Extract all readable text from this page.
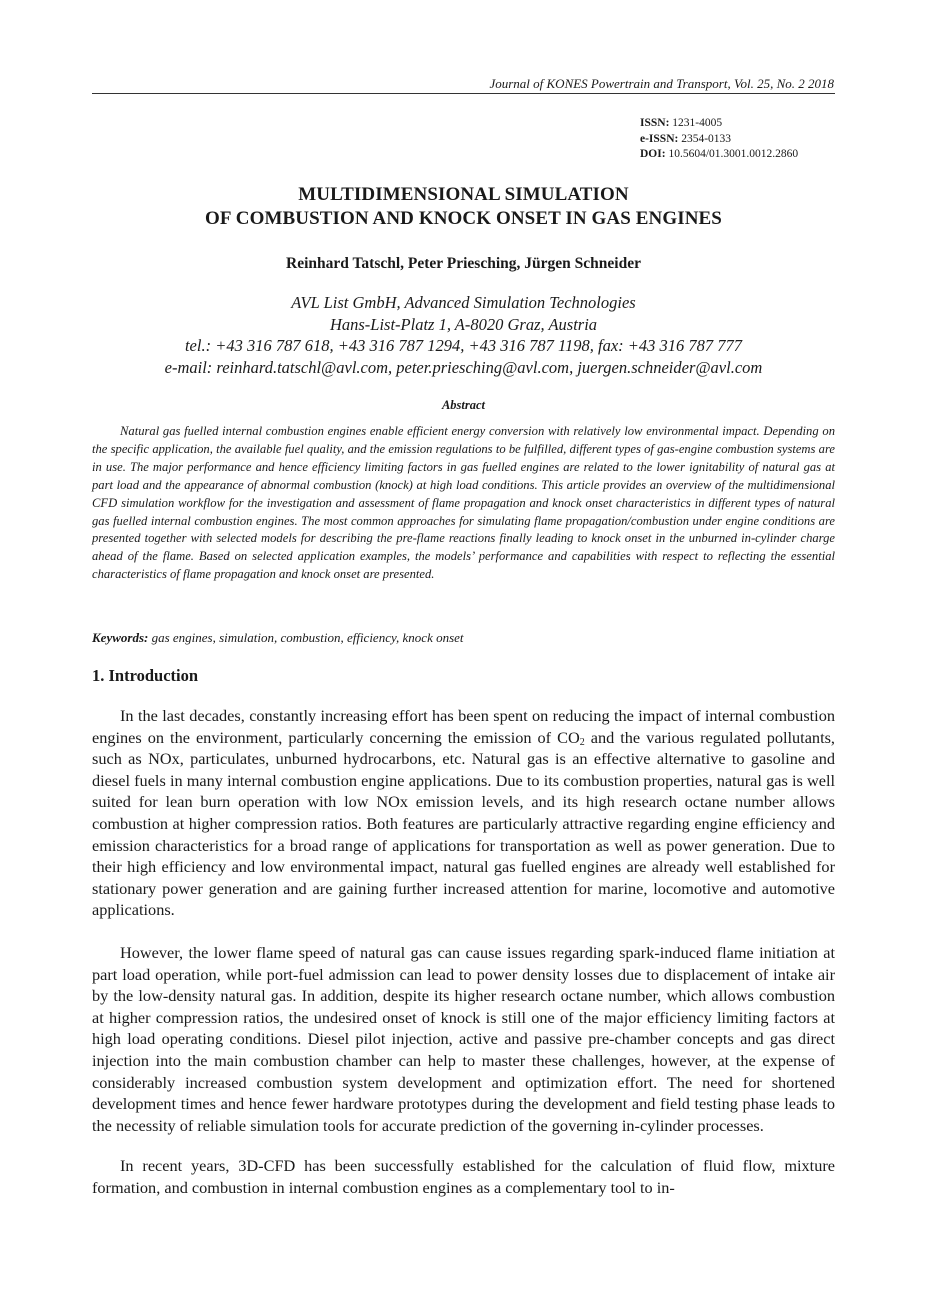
Journal of KONES Powertrain and Transport, Vol. 25, No. 2 2018
ISSN: 1231-4005
e-ISSN: 2354-0133
DOI: 10.5604/01.3001.0012.2860
MULTIDIMENSIONAL SIMULATION
OF COMBUSTION AND KNOCK ONSET IN GAS ENGINES
Reinhard Tatschl, Peter Priesching, Jürgen Schneider
AVL List GmbH, Advanced Simulation Technologies
Hans-List-Platz 1, A-8020 Graz, Austria
tel.: +43 316 787 618, +43 316 787 1294, +43 316 787 1198, fax: +43 316 787 777
e-mail: reinhard.tatschl@avl.com, peter.priesching@avl.com, juergen.schneider@avl.com
Abstract

Natural gas fuelled internal combustion engines enable efficient energy conversion with relatively low environmental impact. Depending on the specific application, the available fuel quality, and the emission regulations to be fulfilled, different types of gas-engine combustion systems are in use. The major performance and hence efficiency limiting factors in gas fuelled engines are related to the lower ignitability of natural gas at part load and the appearance of abnormal combustion (knock) at high load conditions. This article provides an overview of the multidimensional CFD simulation workflow for the investigation and assessment of flame propagation and knock onset characteristics in different types of natural gas fuelled internal combustion engines. The most common approaches for simulating flame propagation/combustion under engine conditions are presented together with selected models for describing the pre-flame reactions finally leading to knock onset in the unburned in-cylinder charge ahead of the flame. Based on selected application examples, the models’ performance and capabilities with respect to reflecting the essential characteristics of flame propagation and knock onset are presented.

Keywords: gas engines, simulation, combustion, efficiency, knock onset

1. Introduction

In the last decades, constantly increasing effort has been spent on reducing the impact of internal combustion engines on the environment, particularly concerning the emission of $CO_2$ and the various regulated pollutants, such as NOx, particulates, unburned hydrocarbons, etc. Natural gas is an effective alternative to gasoline and diesel fuels in many internal combustion engine applications. Due to its combustion properties, natural gas is well suited for lean burn operation with low NOx emission levels, and its high research octane number allows combustion at higher compression ratios. Both features are particularly attractive regarding engine efficiency and emission characteristics for a broad range of applications for transportation as well as power generation. Due to their high efficiency and low environmental impact, natural gas fuelled engines are already well established for stationary power generation and are gaining further increased attention for marine, locomotive and automotive applications.

However, the lower flame speed of natural gas can cause issues regarding spark-induced flame initiation at part load operation, while port-fuel admission can lead to power density losses due to displacement of intake air by the low-density natural gas. In addition, despite its higher research octane number, which allows combustion at higher compression ratios, the undesired onset of knock is still one of the major efficiency limiting factors at high load operating conditions. Diesel pilot injection, active and passive pre-chamber concepts and gas direct injection into the main combustion chamber can help to master these challenges, however, at the expense of considerably increased combustion system development and optimization effort. The need for shortened development times and hence fewer hardware prototypes during the development and field testing phase leads to the necessity of reliable simulation tools for accurate prediction of the governing in-cylinder processes.

In recent years, 3D-CFD has been successfully established for the calculation of fluid flow, mixture formation, and combustion in internal combustion engines as a complementary tool to in-
